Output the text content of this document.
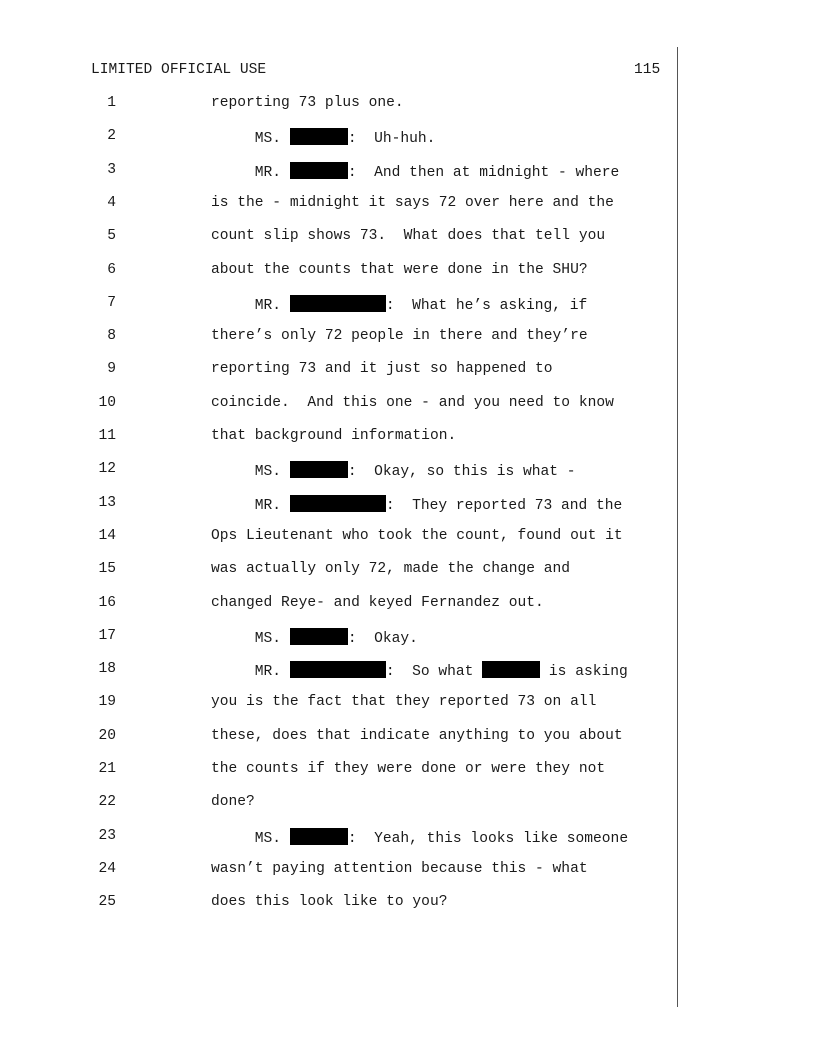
LIMITED OFFICIAL USE	115
1	reporting 73 plus one.
2	MS.	:  Uh-huh.
3	MR.	:  And then at midnight - where
4	is the - midnight it says 72 over here and the
5	count slip shows 73.  What does that tell you
6	about the counts that were done in the SHU?
7	MR.	:  What he’s asking, if
8	there’s only 72 people in there and they’re
9	reporting 73 and it just so happened to
10	coincide.  And this one - and you need to know
11	that background information.
12	MS.	:  Okay, so this is what -
13	MR.	:  They reported 73 and the
14	Ops Lieutenant who took the count, found out it
15	was actually only 72, made the change and
16	changed Reye- and keyed Fernandez out.
17	MS.	:  Okay.
18	MR.	:  So what	is asking
19	you is the fact that they reported 73 on all
20	these, does that indicate anything to you about
21	the counts if they were done or were they not
22	done?
23	MS.	:  Yeah, this looks like someone
24	wasn’t paying attention because this - what
25	does this look like to you?
